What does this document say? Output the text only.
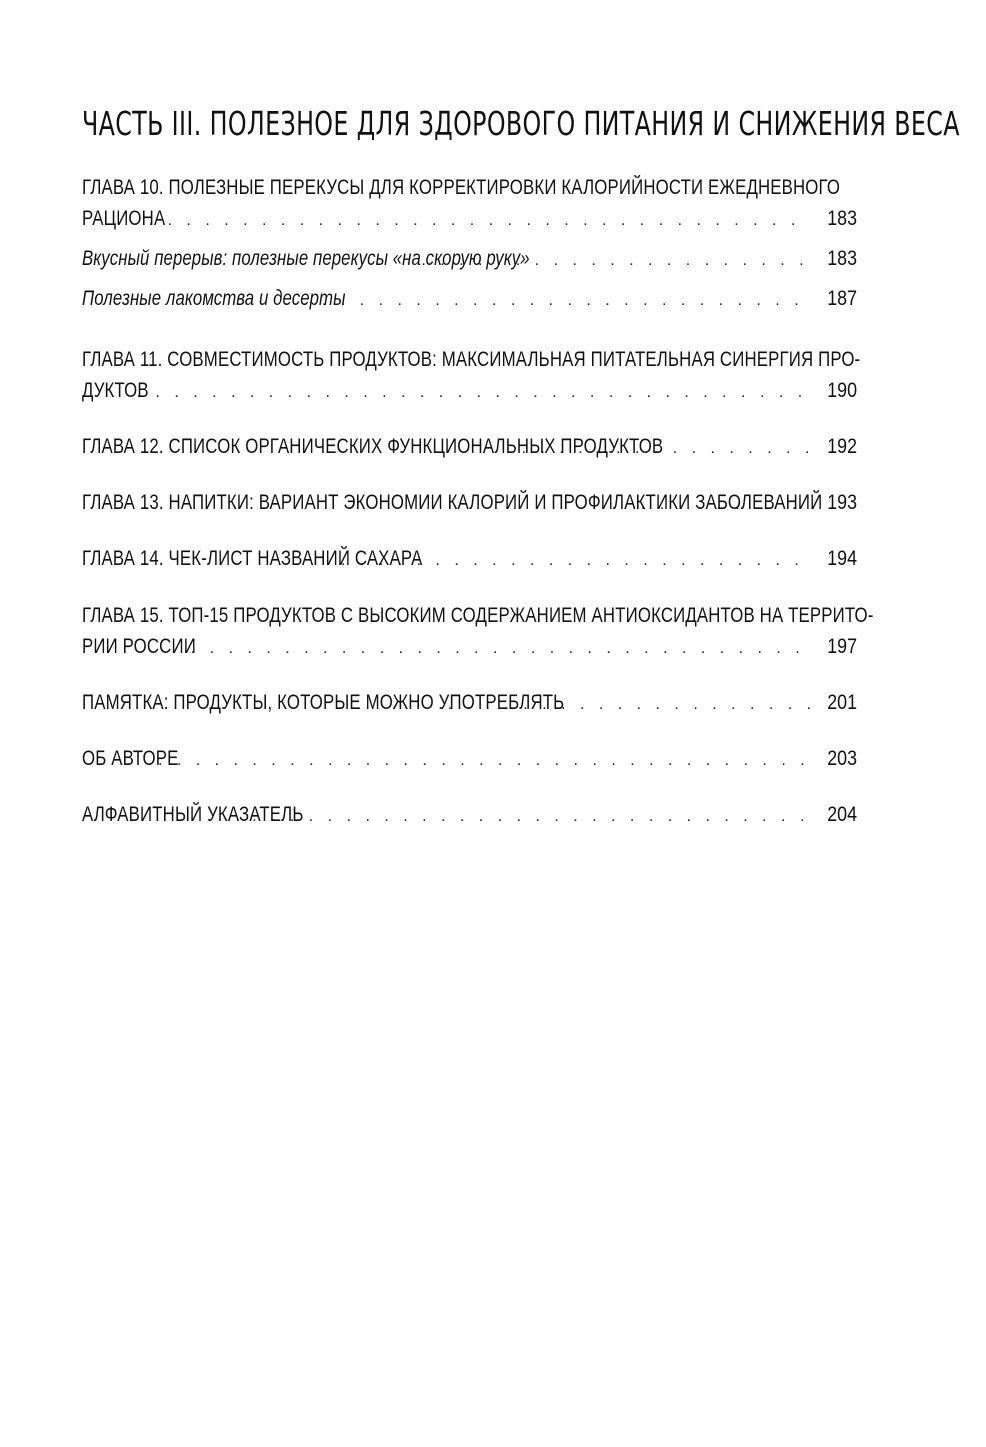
ЧАСТЬ III. ПОЛЕЗНОЕ ДЛЯ ЗДОРОВОГО ПИТАНИЯ И СНИЖЕНИЯ ВЕСА
ГЛАВА 10. ПОЛЕЗНЫЕ ПЕРЕКУСЫ ДЛЯ КОРРЕКТИРОВКИ КАЛОРИЙНОСТИ ЕЖЕДНЕВНОГО
РАЦИОНА . . .	183
Вкусный перерыв: полезные перекусы «на скорую руку» . . .	183
Полезные лакомства и десерты . . .	187
ГЛАВА 11. СОВМЕСТИМОСТЬ ПРОДУКТОВ: МАКСИМАЛЬНАЯ ПИТАТЕЛЬНАЯ СИНЕРГИЯ ПРО-
ДУКТОВ . . .	190
ГЛАВА 12. СПИСОК ОРГАНИЧЕСКИХ ФУНКЦИОНАЛЬНЫХ ПРОДУКТОВ . . .	192
ГЛАВА 13. НАПИТКИ: ВАРИАНТ ЭКОНОМИИ КАЛОРИЙ И ПРОФИЛАКТИКИ ЗАБОЛЕВАНИЙ . . . 193
ГЛАВА 14. ЧЕК-ЛИСТ НАЗВАНИЙ САХАРА . . .	194
ГЛАВА 15. ТОП-15 ПРОДУКТОВ С ВЫСОКИМ СОДЕРЖАНИЕМ АНТИОКСИДАНТОВ НА ТЕРРИТО-
РИИ РОССИИ . . .	197
ПАМЯТКА: ПРОДУКТЫ, КОТОРЫЕ МОЖНО УПОТРЕБЛЯТЬ . . .	201
ОБ АВТОРЕ . . .	203
АЛФАВИТНЫЙ УКАЗАТЕЛЬ . . .	204
